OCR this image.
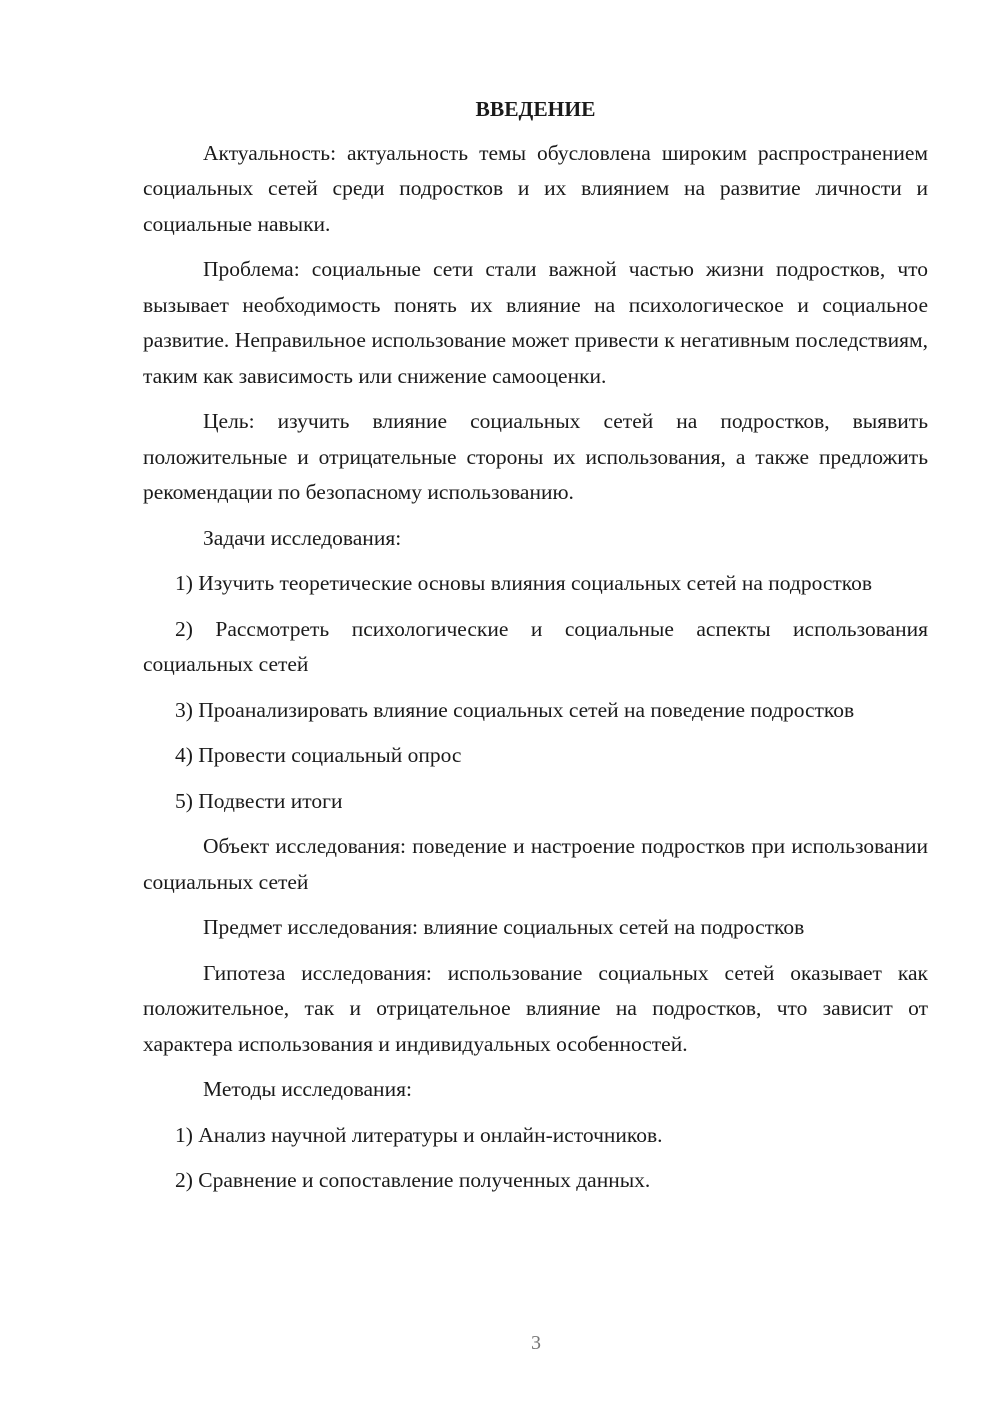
ВВЕДЕНИЕ

Актуальность: актуальность темы обусловлена широким распространением социальных сетей среди подростков и их влиянием на развитие личности и социальные навыки.

Проблема: социальные сети стали важной частью жизни подростков, что вызывает необходимость понять их влияние на психологическое и социальное развитие. Неправильное использование может привести к негативным последствиям, таким как зависимость или снижение самооценки.

Цель: изучить влияние социальных сетей на подростков, выявить положительные и отрицательные стороны их использования, а также предложить рекомендации по безопасному использованию.

Задачи исследования:

1) Изучить теоретические основы влияния социальных сетей на подростков

2) Рассмотреть психологические и социальные аспекты использования социальных сетей

3) Проанализировать влияние социальных сетей на поведение подростков

4) Провести социальный опрос

5) Подвести итоги

Объект исследования: поведение и настроение подростков при использовании социальных сетей

Предмет исследования: влияние социальных сетей на подростков

Гипотеза исследования: использование социальных сетей оказывает как положительное, так и отрицательное влияние на подростков, что зависит от характера использования и индивидуальных особенностей.

Методы исследования:

1) Анализ научной литературы и онлайн-источников.

2) Сравнение и сопоставление полученных данных.

3
